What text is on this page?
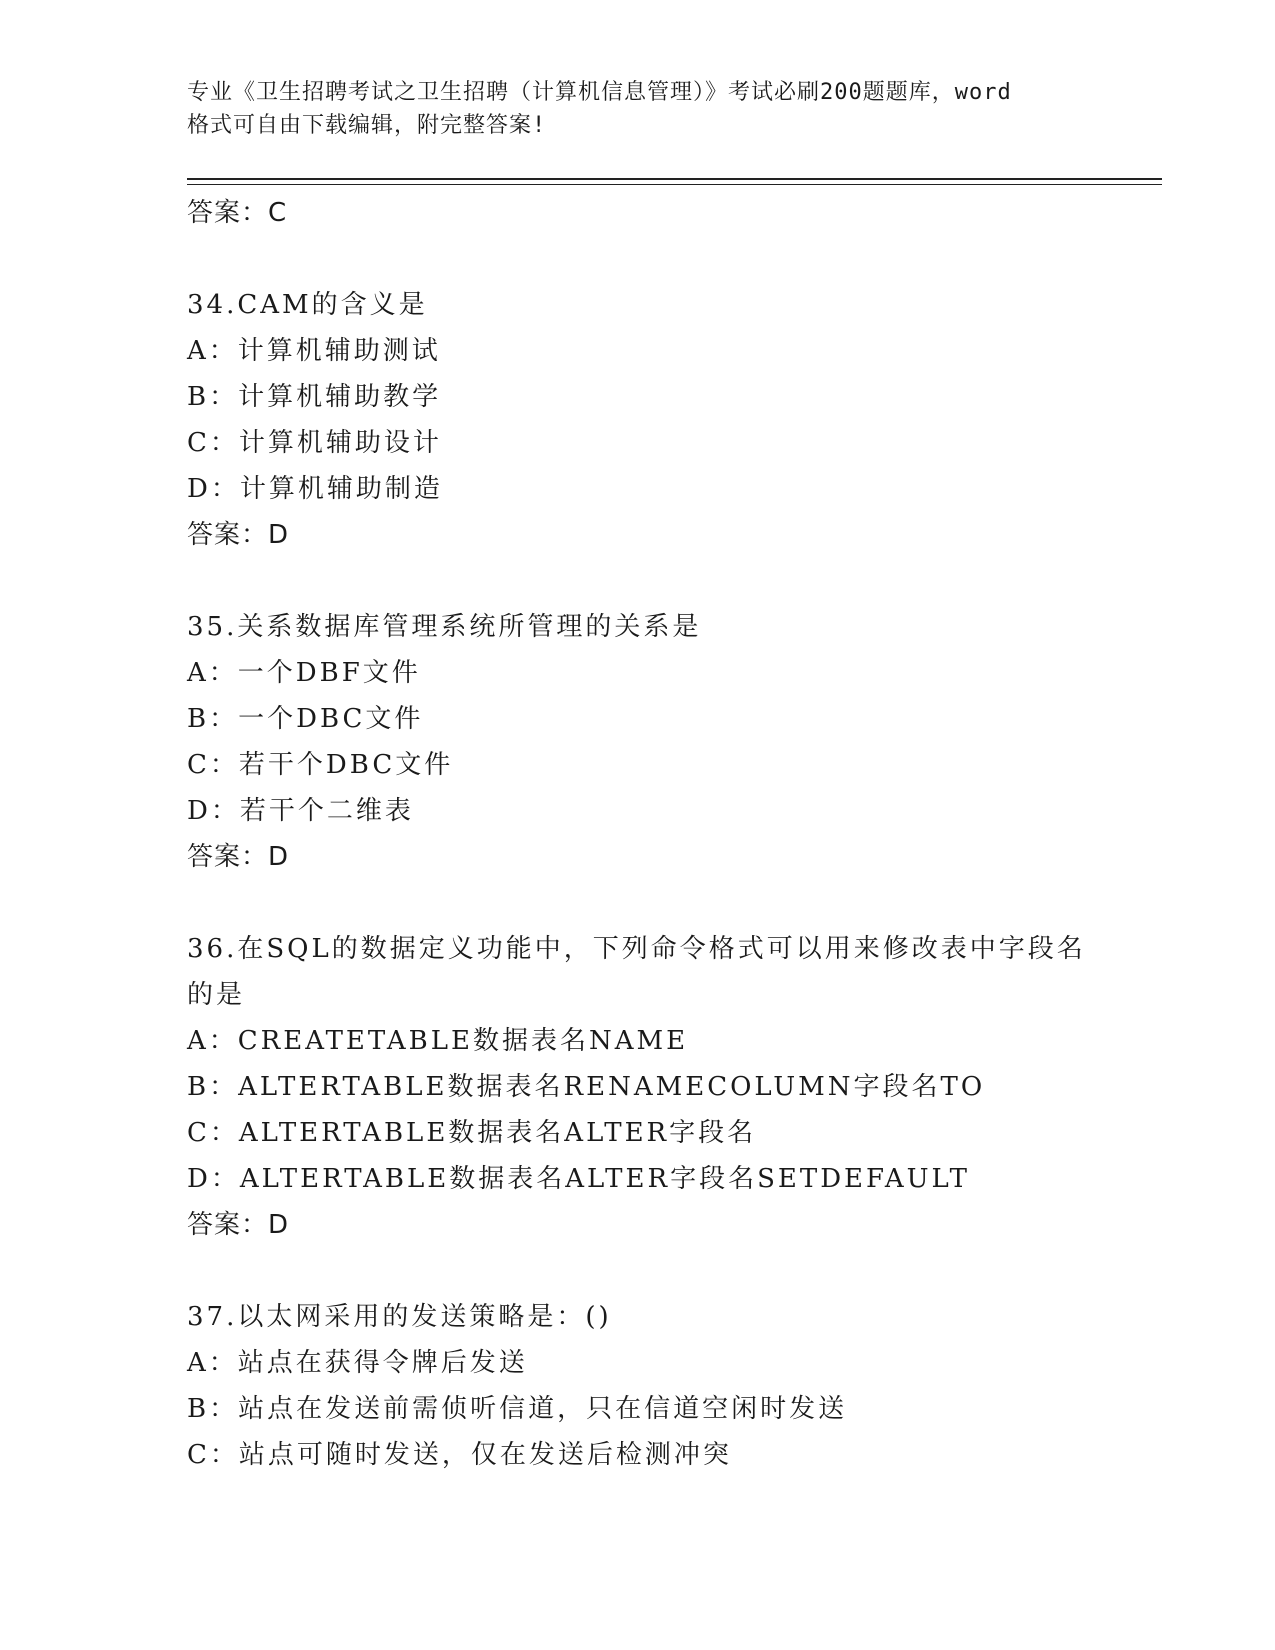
专业《卫生招聘考试之卫生招聘（计算机信息管理）》考试必刷200题题库，word
格式可自由下载编辑，附完整答案!
答案：C
34.CAM的含义是
A：计算机辅助测试
B：计算机辅助教学
C：计算机辅助设计
D：计算机辅助制造
答案：D
35.关系数据库管理系统所管理的关系是
A：一个DBF文件
B：一个DBC文件
C：若干个DBC文件
D：若干个二维表
答案：D
36.在SQL的数据定义功能中，下列命令格式可以用来修改表中字段名的是
A：CREATETABLE数据表名NAME
B：ALTERTABLE数据表名RENAMECOLUMN字段名TO
C：ALTERTABLE数据表名ALTER字段名
D：ALTERTABLE数据表名ALTER字段名SETDEFAULT
答案：D
37.以太网采用的发送策略是：()
A：站点在获得令牌后发送
B：站点在发送前需侦听信道，只在信道空闲时发送
C：站点可随时发送，仅在发送后检测冲突
